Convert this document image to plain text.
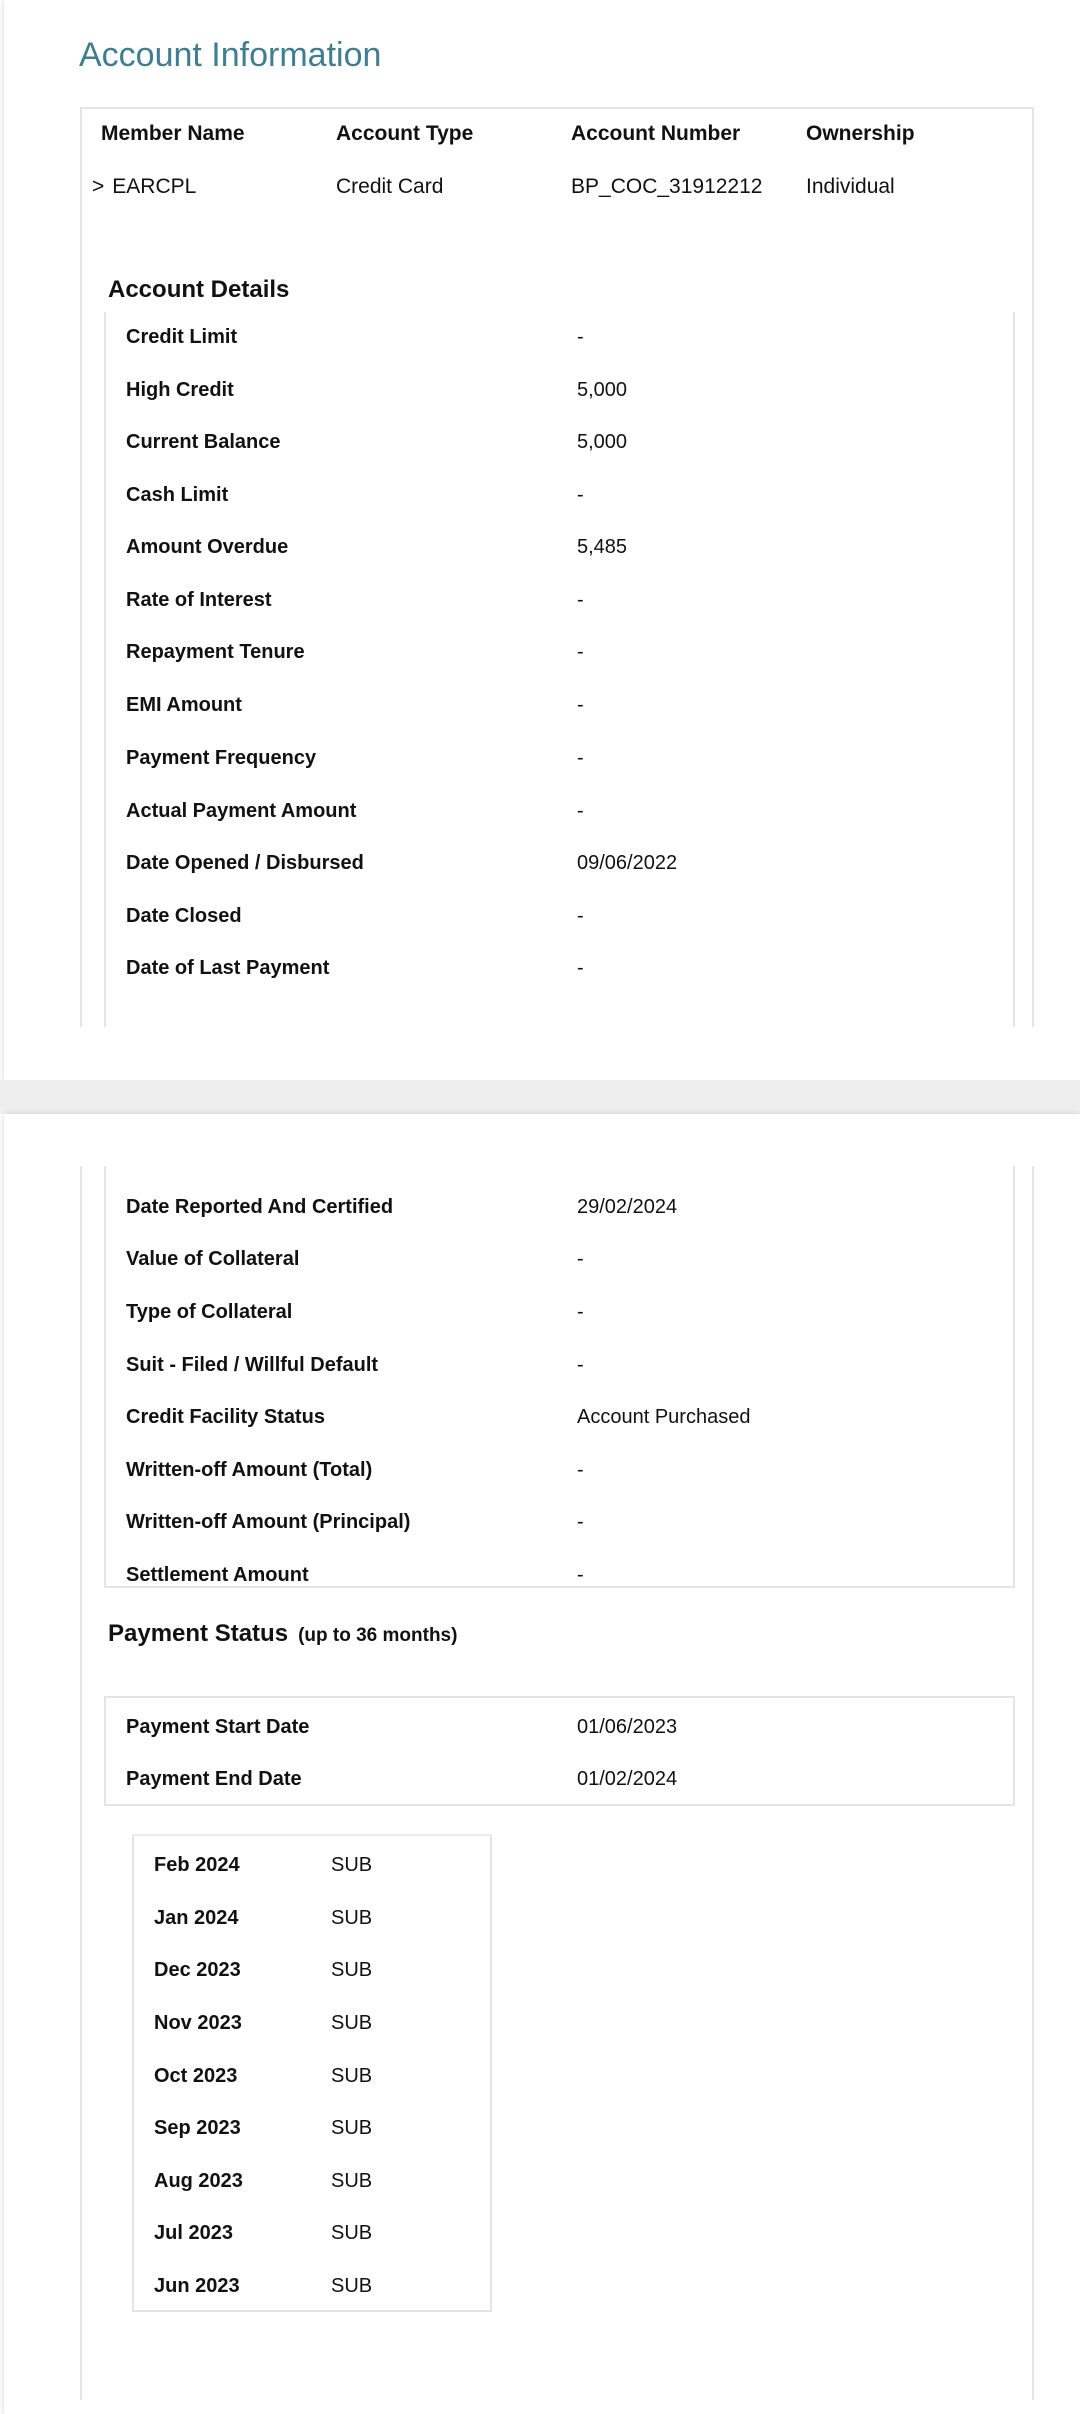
Account Information
Member Name	Account Type	Account Number	Ownership
> EARCPL	Credit Card	BP_COC_31912212	Individual
Account Details
Credit Limit	-
High Credit	5,000
Current Balance	5,000
Cash Limit	-
Amount Overdue	5,485
Rate of Interest	-
Repayment Tenure	-
EMI Amount	-
Payment Frequency	-
Actual Payment Amount	-
Date Opened / Disbursed	09/06/2022
Date Closed	-
Date of Last Payment	-
Date Reported And Certified	29/02/2024
Value of Collateral	-
Type of Collateral	-
Suit - Filed / Willful Default	-
Credit Facility Status	Account Purchased
Written-off Amount (Total)	-
Written-off Amount (Principal)	-
Settlement Amount	-
Payment Status (up to 36 months)
Payment Start Date	01/06/2023
Payment End Date	01/02/2024
Feb 2024	SUB
Jan 2024	SUB
Dec 2023	SUB
Nov 2023	SUB
Oct 2023	SUB
Sep 2023	SUB
Aug 2023	SUB
Jul 2023	SUB
Jun 2023	SUB
